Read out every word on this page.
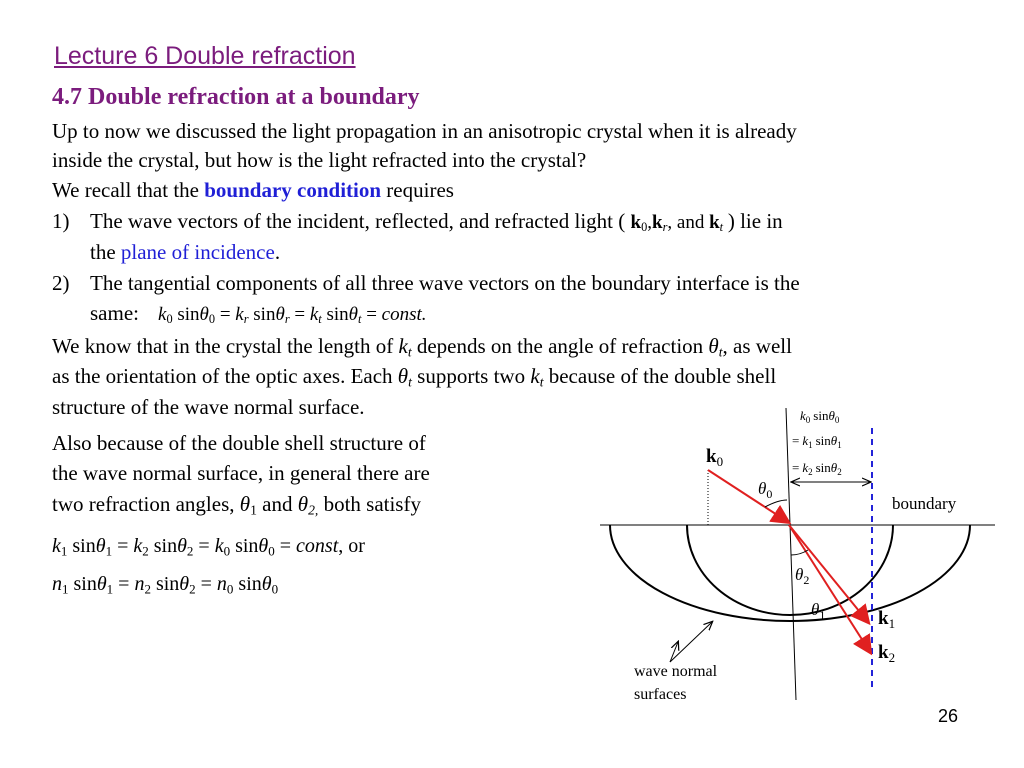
Lecture 6 Double refraction
4.7 Double refraction at a boundary
Up to now we discussed the light propagation in an anisotropic crystal when it is already
inside the crystal, but how is the light refracted into the crystal?
We recall that the boundary condition requires
1) The wave vectors of the incident, reflected, and refracted light ( $k_0,k_r$, and $k_t$ ) lie in
the plane of incidence.
2) The tangential components of all three wave vectors on the boundary interface is the
same: $k_0$ $\sin\theta_0 = k_r$ $\sin\theta_r = k_t$ sinθ$_t$ = const.
We know that in the crystal the length of $k_t$ depends on the angle of refraction $\theta_t$, as well
as the orientation of the optic axes. Each $\theta_t$ supports two $k_t$ because of the double shell
structure of the wave normal surface.
Also because of the double shell structure of
the wave normal surface, in general there are
two refraction angles, $\theta_1$ and $\theta_{2,}$ both satisfy
$k_1$ $\sin\theta_1 = k_2$ $\sin\theta_2 = k_0$ sinθ$_0$ = const, or
$n_1$ $\sin\theta_1 = n_2$ $\sin\theta_2 = n_0$ sinθ$_0$
$k_0$ sinθ$_0$
= $k_1$ sinθ$_1$
= $k_2$ sinθ$_2$
$k_0$
$\theta_0$
$\theta_2$
$\theta_1$	$k_1$
$k_2$
boundary
wave normal
surfaces
26
